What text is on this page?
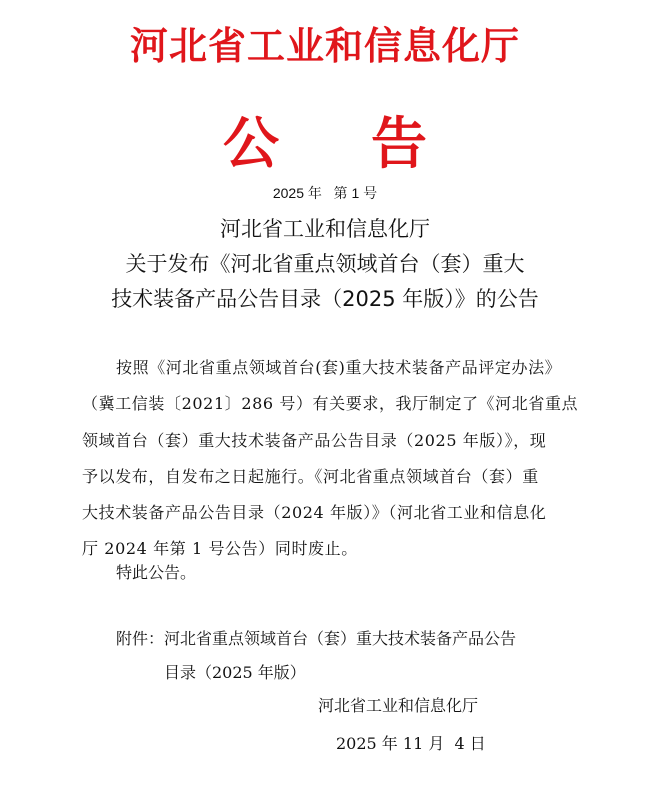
河北省工业和信息化厅
公 告
2025 年   第 1 号
河北省工业和信息化厅
关于发布《河北省重点领域首台（套）重大
技术装备产品公告目录（2025 年版）》的公告
按照《河北省重点领域首台(套)重大技术装备产品评定办法》
（冀工信装〔2021〕286 号）有关要求，我厅制定了《河北省重点
领域首台（套）重大技术装备产品公告目录（2025 年版）》，现
予以发布，自发布之日起施行。《河北省重点领域首台（套）重
大技术装备产品公告目录（2024 年版）》（河北省工业和信息化
厅 2024 年第 1 号公告）同时废止。
特此公告。
附件：河北省重点领域首台（套）重大技术装备产品公告
目录（2025 年版）
河北省工业和信息化厅
2025 年 11 月  4 日
